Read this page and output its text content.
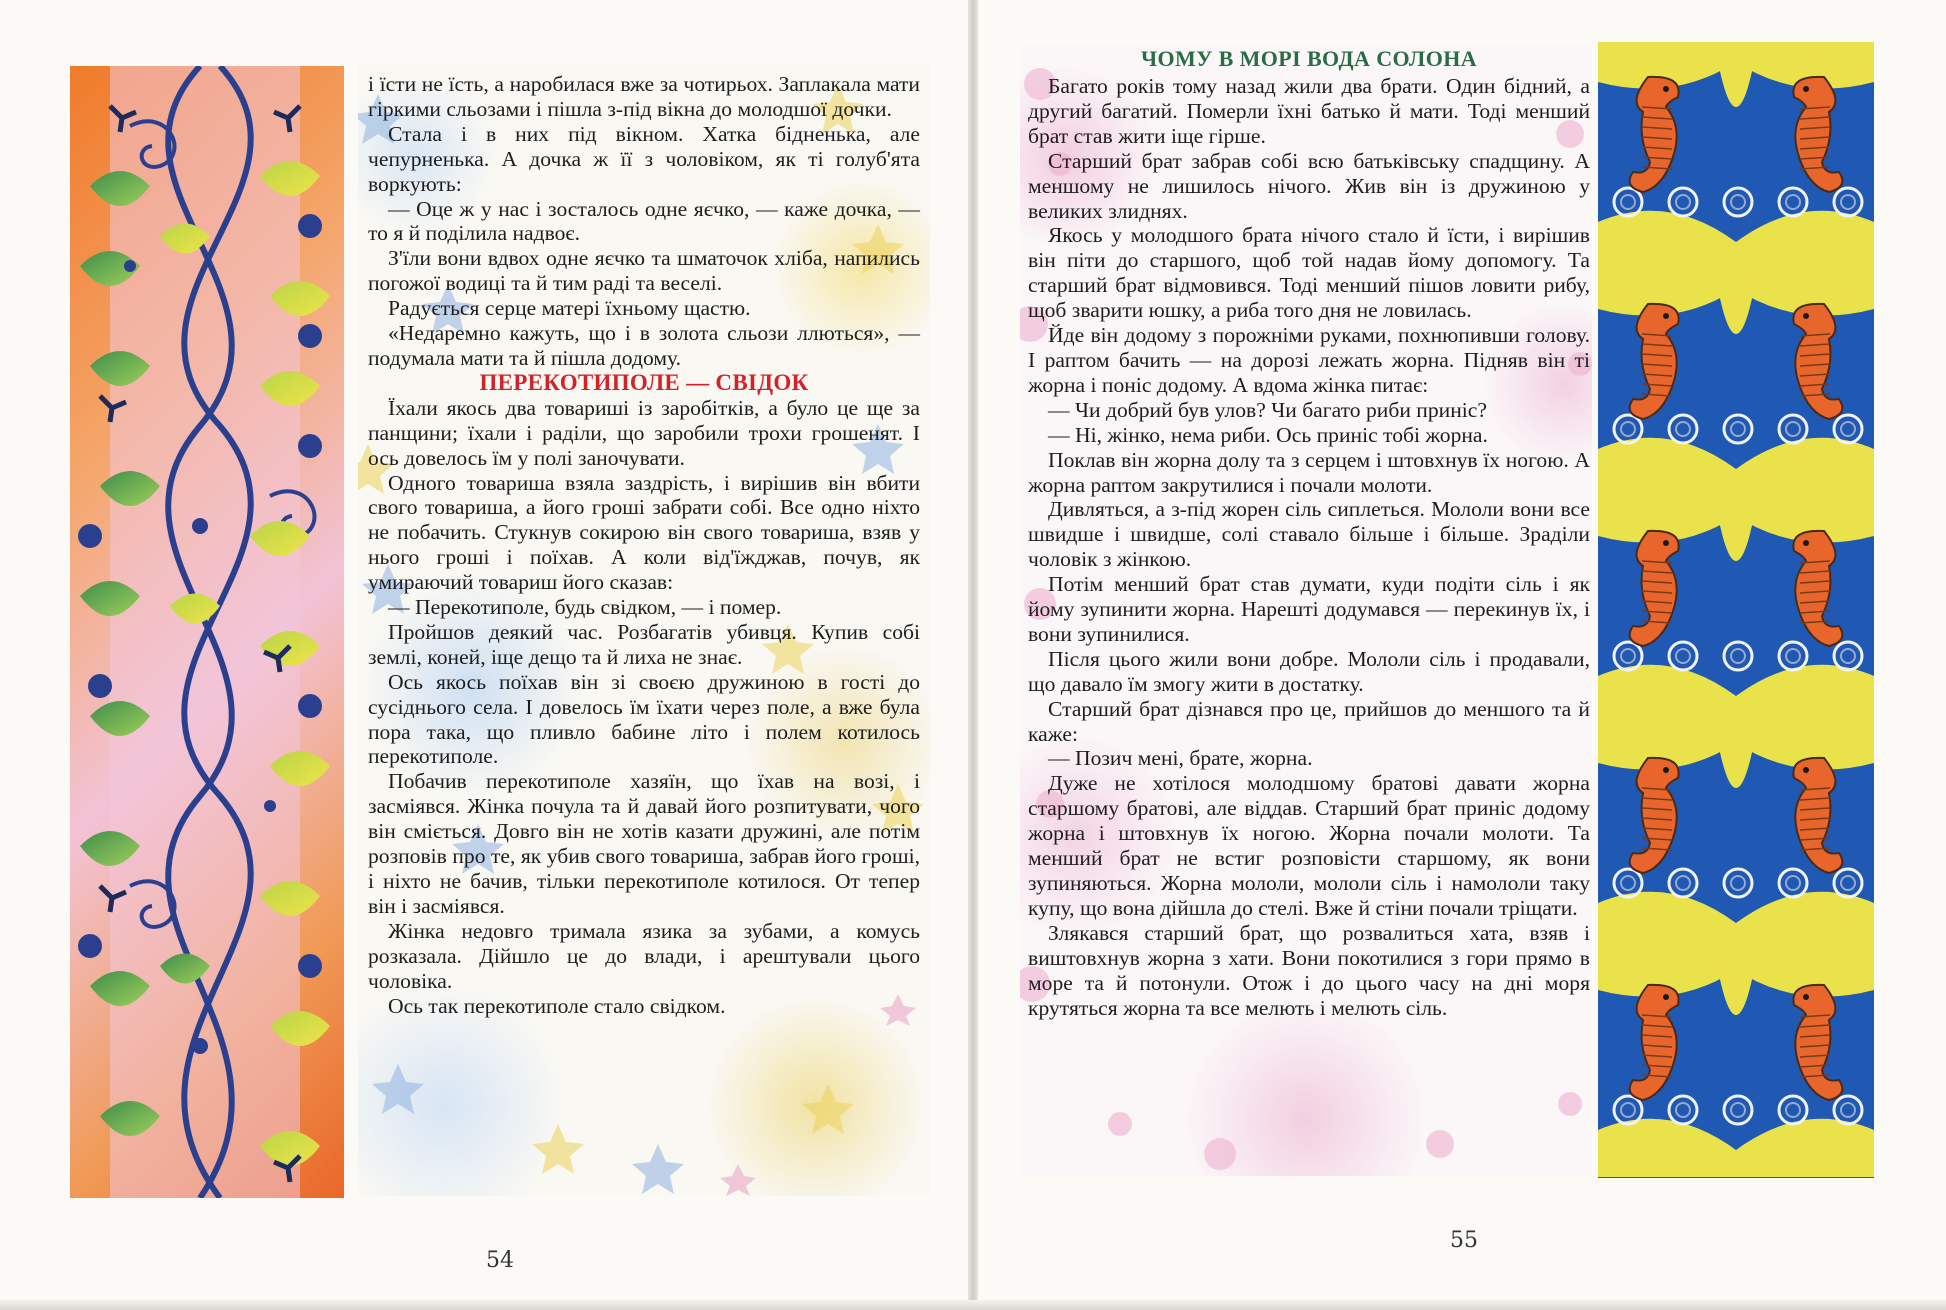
і їсти не їсть, а наробилася вже за чотирьох. Заплакала мати гіркими сльозами і пішла з-під вікна до молодшої дочки.

Стала і в них під вікном. Хатка бідненька, але чепурненька. А дочка ж її з чоловіком, як ті голуб'ята воркують:

— Оце ж у нас і зосталось одне яєчко, — каже дочка, — то я й поділила надвоє.

З'їли вони вдвох одне яєчко та шматочок хліба, напились погожої водиці та й тим раді та веселі.

Радується серце матері їхньому щастю.

«Недаремно кажуть, що і в золота сльози ллються», — подумала мати та й пішла додому.

ПЕРЕКОТИПОЛЕ — СВІДОК

Їхали якось два товариші із заробітків, а було це ще за панщини; їхали і раділи, що заробили трохи грошенят. І ось довелось їм у полі заночувати.

Одного товариша взяла заздрість, і вирішив він вбити свого товариша, а його гроші забрати собі. Все одно ніхто не побачить. Стукнув сокирою він свого товариша, взяв у нього гроші і поїхав. А коли від'їжджав, почув, як умираючий товариш його сказав:

— Перекотиполе, будь свідком, — і помер.

Пройшов деякий час. Розбагатів убивця. Купив собі землі, коней, іще дещо та й лиха не знає.

Ось якось поїхав він зі своєю дружиною в гості до сусіднього села. І довелось їм їхати через поле, а вже була пора така, що пливло бабине літо і полем котилось перекотиполе.

Побачив перекотиполе хазяїн, що їхав на возі, і засміявся. Жінка почула та й давай його розпитувати, чого він сміється. Довго він не хотів казати дружині, але потім розповів про те, як убив свого товариша, забрав його гроші, і ніхто не бачив, тільки перекотиполе котилося. От тепер він і засміявся.

Жінка недовго тримала язика за зубами, а комусь розказала. Дійшло це до влади, і арештували цього чоловіка.

Ось так перекотиполе стало свідком.

54
ЧОМУ В МОРІ ВОДА СОЛОНА

Багато років тому назад жили два брати. Один бідний, а другий багатий. Померли їхні батько й мати. Тоді менший брат став жити іще гірше.

Старший брат забрав собі всю батьківську спадщину. А меншому не лишилось нічого. Жив він із дружиною у великих злиднях.

Якось у молодшого брата нічого стало й їсти, і вирішив він піти до старшого, щоб той надав йому допомогу. Та старший брат відмовився. Тоді менший пішов ловити рибу, щоб зварити юшку, а риба того дня не ловилась.

Йде він додому з порожніми руками, похнюпивши голову. І раптом бачить — на дорозі лежать жорна. Підняв він ті жорна і поніс додому. А вдома жінка питає:

— Чи добрий був улов? Чи багато риби приніс?

— Ні, жінко, нема риби. Ось приніс тобі жорна.

Поклав він жорна долу та з серцем і штовхнув їх ногою. А жорна раптом закрутилися і почали молоти.

Дивляться, а з-під жорен сіль сиплеться. Мололи вони все швидше і швидше, солі ставало більше і більше. Зраділи чоловік з жінкою.

Потім менший брат став думати, куди подіти сіль і як йому зупинити жорна. Нарешті додумався — перекинув їх, і вони зупинилися.

Після цього жили вони добре. Мололи сіль і продавали, що давало їм змогу жити в достатку.

Старший брат дізнався про це, прийшов до меншого та й каже:

— Позич мені, брате, жорна.

Дуже не хотілося молодшому братові давати жорна старшому братові, але віддав. Старший брат приніс додому жорна і штовхнув їх ногою. Жорна почали молоти. Та менший брат не встиг розповісти старшому, як вони зупиняються. Жорна мололи, мололи сіль і намололи таку купу, що вона дійшла до стелі. Вже й стіни почали тріщати.

Злякався старший брат, що розвалиться хата, взяв і виштовхнув жорна з хати. Вони покотилися з гори прямо в море та й потонули. Отож і до цього часу на дні моря крутяться жорна та все мелють і мелють сіль.

55
